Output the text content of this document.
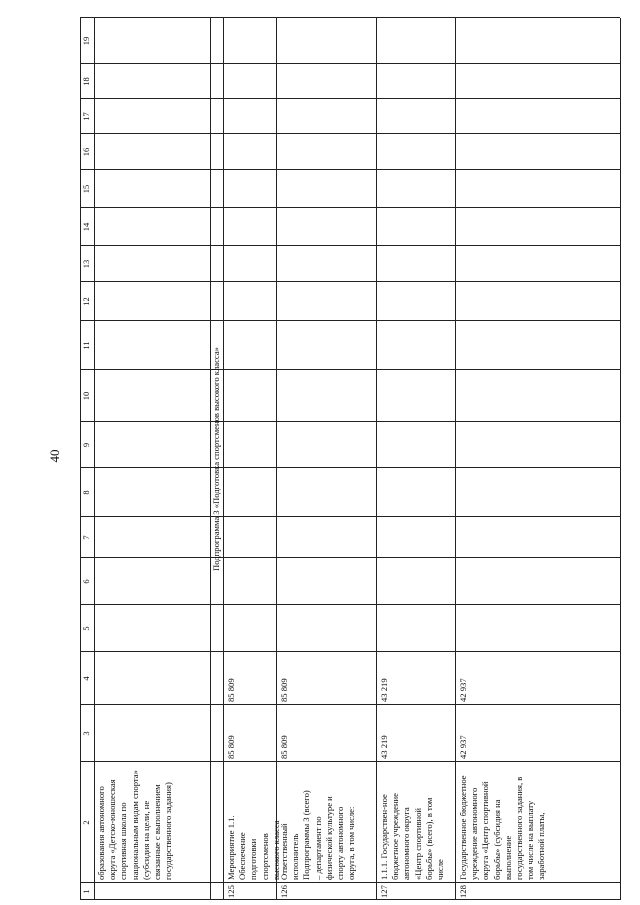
40
1
2
3
4
5
6
7
8
9
10
11
12
13
14
15
16
17
18
19
образования автономного округа «Детско-юношеская спортивная школа по национальным видам спорта» (субсидия на цели, не связанные с выполнением государственного задания)
Подпрограмма 3 «Подготовка спортсменов высокого класса»
125
Мероприятие 1.1. Обеспечение подготовки спортсменов высокого класса
85 809
85 809
126
Ответственный исполнитель Подпрограммы 3 (всего) – департамент по физической культуре и спорту автономного округа, в том числе:
85 809
85 809
127
1.1.1. Государствен-ное бюджетное учреждение автономного округа «Центр спортивной борьбы» (всего), в том числе
43 219
43 219
128
Государственное бюджетное учреждение автономного округа «Центр спортивной борьбы» (субсидия на выполнение государственного задания, в том числе на выплату заработной платы,
42 937
42 937
